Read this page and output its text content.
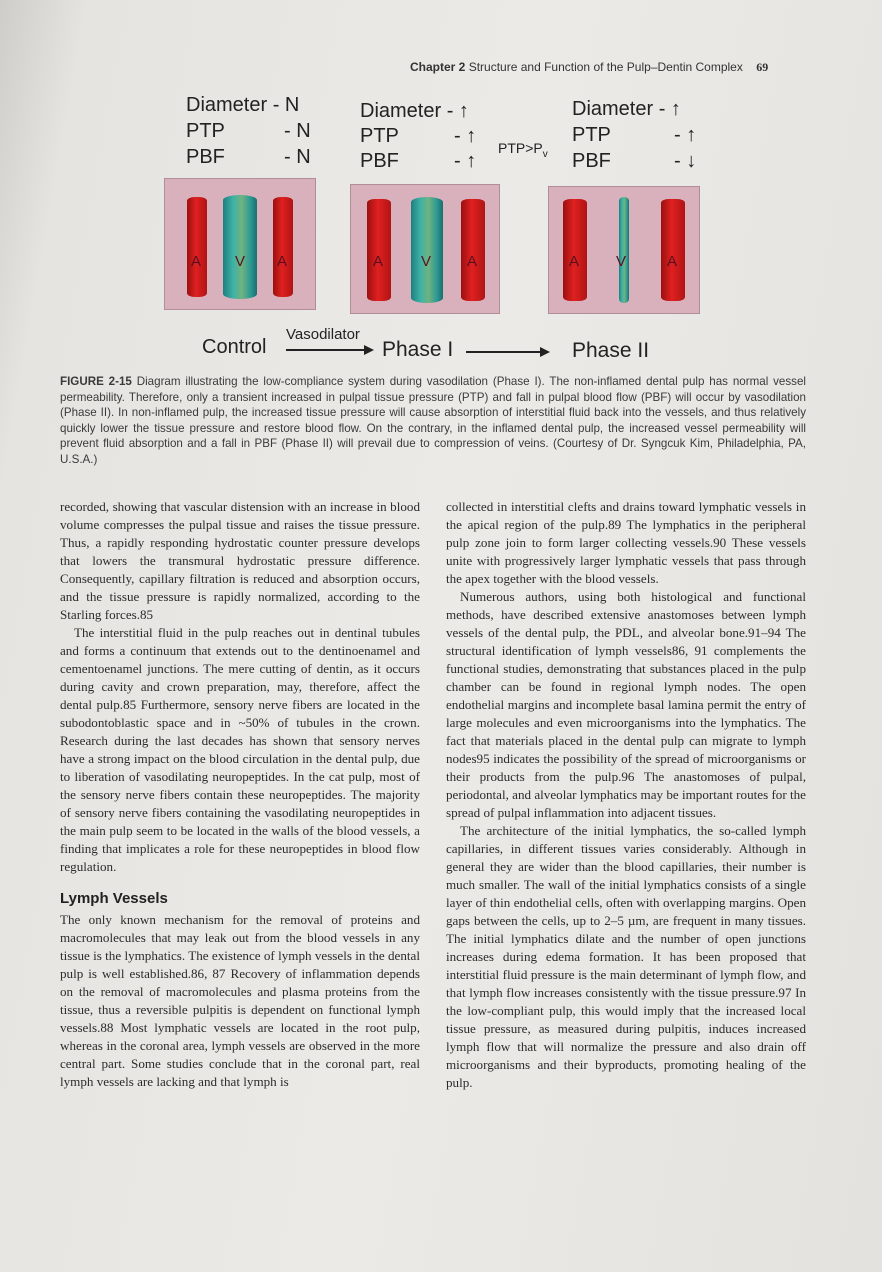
Chapter 2 Structure and Function of the Pulp–Dentin Complex 69
Diameter - N
PTP	- N
PBF	- N
Diameter - ↑
PTP	- ↑
PBF	- ↑
$PTP>P_v$
Diameter - ↑
PTP	- ↑
PBF	- ↓
A V A	A	V A	A V	A
Control
Vasodilator
Phase I	Phase II
FIGURE 2-15 Diagram illustrating the low-compliance system during vasodilation (Phase I). The non-inflamed dental pulp has normal vessel permeability. Therefore, only a transient increased in pulpal tissue pressure (PTP) and fall in pulpal blood flow (PBF) will occur by vasodilation (Phase II). In non-inflamed pulp, the increased tissue pressure will cause absorption of interstitial fluid back into the vessels, and thus relatively quickly lower the tissue pressure and restore blood flow. On the contrary, in the inflamed dental pulp, the increased vessel permeability will prevent fluid absorption and a fall in PBF (Phase II) will prevail due to compression of veins. (Courtesy of Dr. Syngcuk Kim, Philadelphia, PA, U.S.A.)

recorded, showing that vascular distension with an increase in blood volume compresses the pulpal tissue and raises the tissue pressure. Thus, a rapidly responding hydrostatic counter pressure develops that lowers the transmural hydrostatic pressure difference. Consequently, capillary filtration is reduced and absorption occurs, and the tissue pressure is rapidly normalized, according to the Starling forces.85

The interstitial fluid in the pulp reaches out in dentinal tubules and forms a continuum that extends out to the dentinoenamel and cementoenamel junctions. The mere cutting of dentin, as it occurs during cavity and crown preparation, may, therefore, affect the dental pulp.85 Furthermore, sensory nerve fibers are located in the subodontoblastic space and in ~50% of tubules in the crown. Research during the last decades has shown that sensory nerves have a strong impact on the blood circulation in the dental pulp, due to liberation of vasodilating neuropeptides. In the cat pulp, most of the sensory nerve fibers contain these neuropeptides. The majority of sensory nerve fibers containing the vasodilating neuropeptides in the main pulp seem to be located in the walls of the blood vessels, a finding that implicates a role for these neuropeptides in blood flow regulation.

Lymph Vessels

The only known mechanism for the removal of proteins and macromolecules that may leak out from the blood vessels in any tissue is the lymphatics. The existence of lymph vessels in the dental pulp is well established.86, 87 Recovery of inflammation depends on the removal of macromolecules and plasma proteins from the tissue, thus a reversible pulpitis is dependent on functional lymph vessels.88 Most lymphatic vessels are located in the root pulp, whereas in the coronal area, lymph vessels are observed in the more central part. Some studies conclude that in the coronal part, real lymph vessels are lacking and that lymph is

collected in interstitial clefts and drains toward lymphatic vessels in the apical region of the pulp.89 The lymphatics in the peripheral pulp zone join to form larger collecting vessels.90 These vessels unite with progressively larger lymphatic vessels that pass through the apex together with the blood vessels.

Numerous authors, using both histological and functional methods, have described extensive anastomoses between lymph vessels of the dental pulp, the PDL, and alveolar bone.91–94 The structural identification of lymph vessels86, 91 complements the functional studies, demonstrating that substances placed in the pulp chamber can be found in regional lymph nodes. The open endothelial margins and incomplete basal lamina permit the entry of large molecules and even microorganisms into the lymphatics. The fact that materials placed in the dental pulp can migrate to lymph nodes95 indicates the possibility of the spread of microorganisms or their products from the pulp.96 The anastomoses of pulpal, periodontal, and alveolar lymphatics may be important routes for the spread of pulpal inflammation into adjacent tissues.

The architecture of the initial lymphatics, the so-called lymph capillaries, in different tissues varies considerably. Although in general they are wider than the blood capillaries, their number is much smaller. The wall of the initial lymphatics consists of a single layer of thin endothelial cells, often with overlapping margins. Open gaps between the cells, up to 2–5 µm, are frequent in many tissues. The initial lymphatics dilate and the number of open junctions increases during edema formation. It has been proposed that interstitial fluid pressure is the main determinant of lymph flow, and that lymph flow increases consistently with the tissue pressure.97 In the low-compliant pulp, this would imply that the increased local tissue pressure, as measured during pulpitis, induces increased lymph flow that will normalize the pressure and also drain off microorganisms and their byproducts, promoting healing of the pulp.
